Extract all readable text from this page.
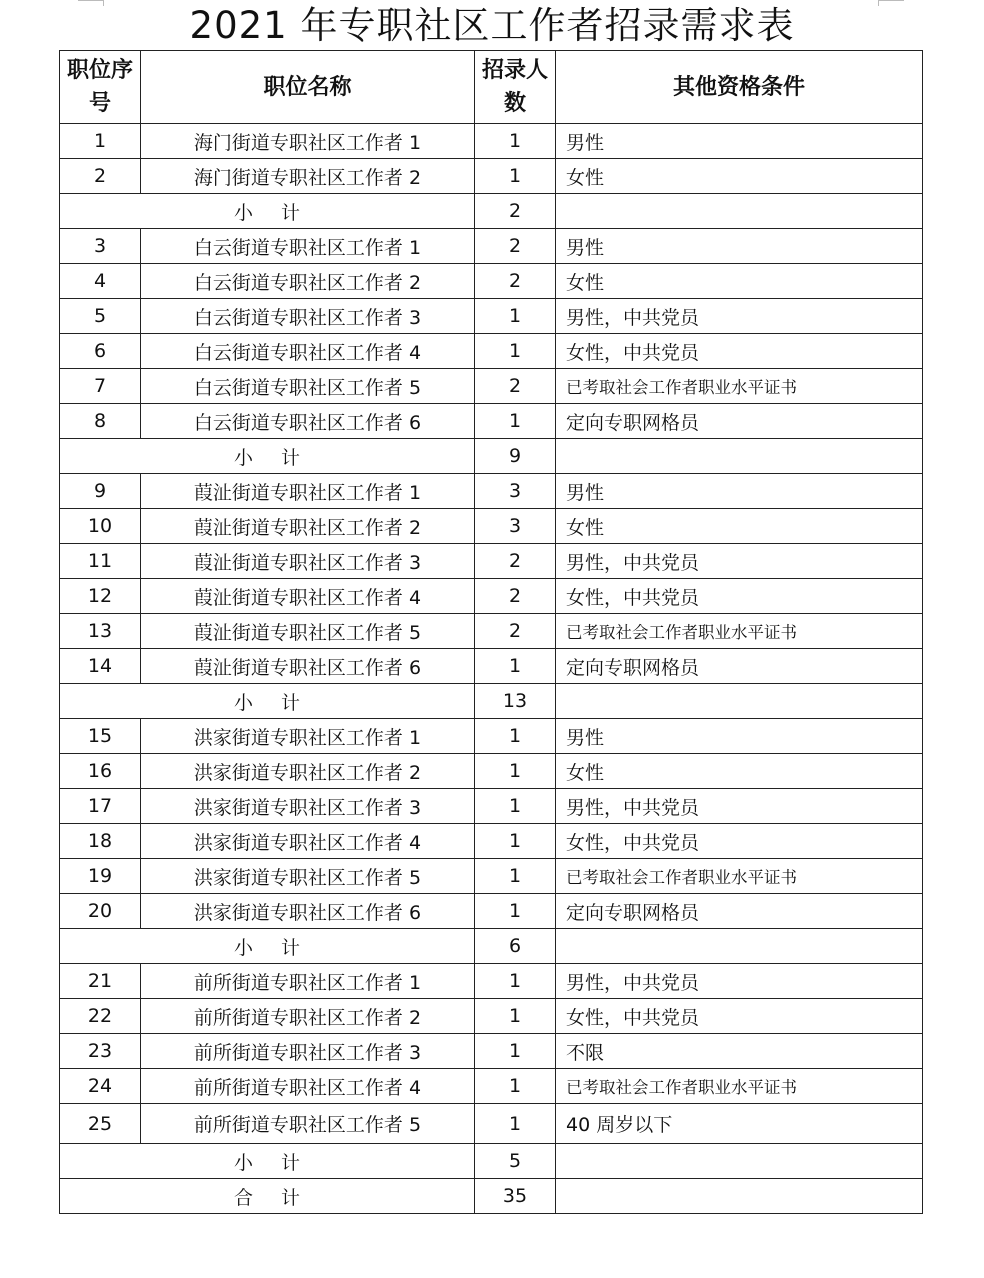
2021 年专职社区工作者招录需求表
职位序号	职位名称	招录人数	其他资格条件
1	海门街道专职社区工作者 1	1	男性
2	海门街道专职社区工作者 2	1	女性
小计		2	
3	白云街道专职社区工作者 1	2	男性
4	白云街道专职社区工作者 2	2	女性
5	白云街道专职社区工作者 3	1	男性，中共党员
6	白云街道专职社区工作者 4	1	女性，中共党员
7	白云街道专职社区工作者 5	2	已考取社会工作者职业水平证书
8	白云街道专职社区工作者 6	1	定向专职网格员
小计		9	
9	葭沚街道专职社区工作者 1	3	男性
10	葭沚街道专职社区工作者 2	3	女性
11	葭沚街道专职社区工作者 3	2	男性，中共党员
12	葭沚街道专职社区工作者 4	2	女性，中共党员
13	葭沚街道专职社区工作者 5	2	已考取社会工作者职业水平证书
14	葭沚街道专职社区工作者 6	1	定向专职网格员
小计		13	
15	洪家街道专职社区工作者 1	1	男性
16	洪家街道专职社区工作者 2	1	女性
17	洪家街道专职社区工作者 3	1	男性，中共党员
18	洪家街道专职社区工作者 4	1	女性，中共党员
19	洪家街道专职社区工作者 5	1	已考取社会工作者职业水平证书
20	洪家街道专职社区工作者 6	1	定向专职网格员
小计		6	
21	前所街道专职社区工作者 1	1	男性，中共党员
22	前所街道专职社区工作者 2	1	女性，中共党员
23	前所街道专职社区工作者 3	1	不限
24	前所街道专职社区工作者 4	1	已考取社会工作者职业水平证书
25	前所街道专职社区工作者 5	1	40 周岁以下
小计		5	
合计		35	
